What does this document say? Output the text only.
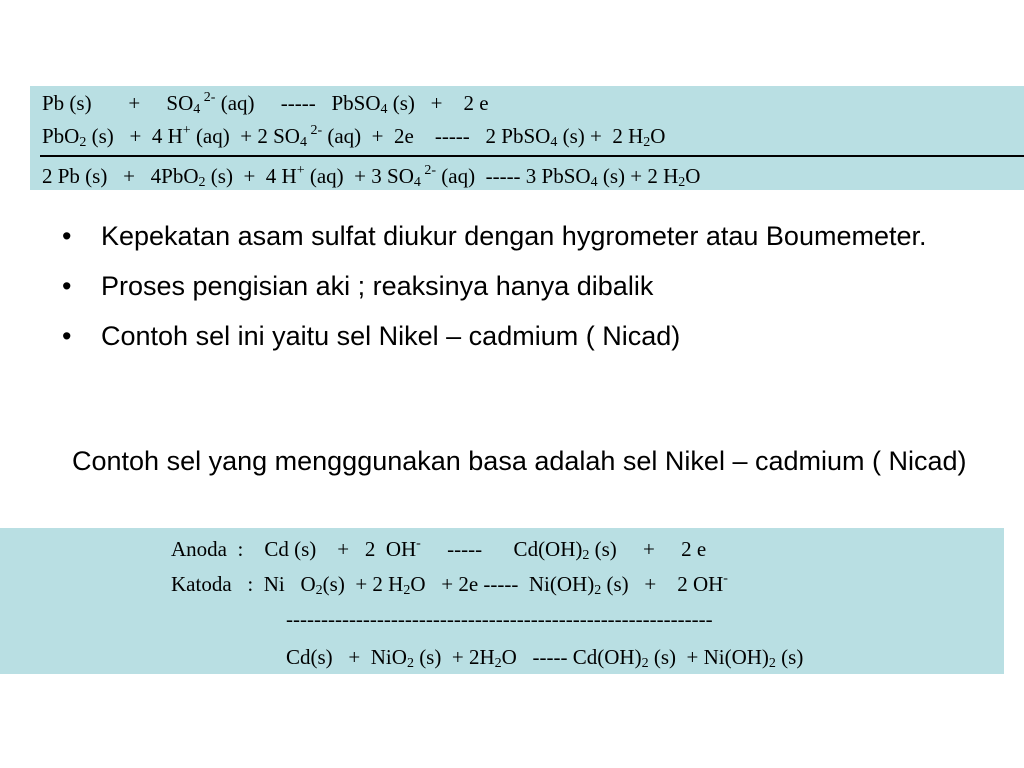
Pb (s)       +     $SO_4$ $^{2-}$ (aq)     -----   PbSO$_4$ (s)   +    2 e
PbO$_2$ (s)   +  4 H+ (aq)  + 2 $SO_4$ $^{2-}$ (aq)  +  2e    -----   2 PbSO$_4$ (s) +  2 $H_2O$
2 Pb (s)   +   4PbO$_2$ (s)  +  4 H+ (aq)  + 3 $SO_4$ $^{2-}$ (aq)  ----- 3 PbSO$_4$ (s) + 2 $H_2O$
• Kepekatan asam sulfat diukur dengan hygrometer atau Boumemeter.
• Proses pengisian aki ; reaksinya hanya dibalik
• Contoh sel ini yaitu sel Nikel – cadmium ( Nicad)

Contoh sel yang mengggunakan basa adalah sel Nikel – cadmium ( Nicad)

Anoda  :    Cd (s)    +   2  OH-     -----      $Cd(OH)_2$ (s)     +     2 e
Katoda   :  Ni   $O_2(s) + 2$ $H_2O + 2e$ -----  $Ni(OH)_2$ (s)   +    2 OH-
-------------------------------------------------------------
Cd(s)   +  NiO$_2$ $(s) + 2H_2O$   ----- $Cd(OH)_2$ $(s) + Ni(OH)_2$ (s)
